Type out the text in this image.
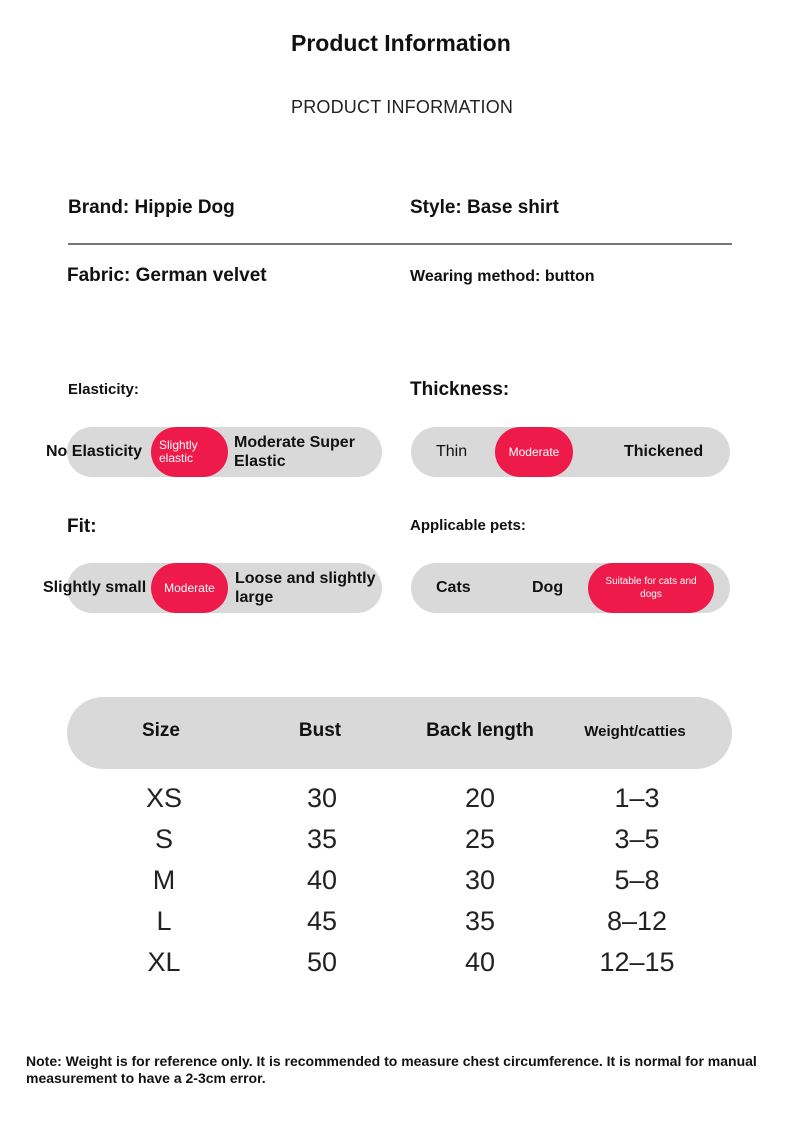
Product Information
PRODUCT INFORMATION
Brand: Hippie Dog	Style: Base shirt
Fabric: German velvet	Wearing method: button
Elasticity:
No Elasticity Slightly elastic
Moderate Super Elastic
Thickness:
Thin	Moderate	Thickened
Fit:
Slightly small Moderate
Loose and slightly large
Applicable pets:
Cats	Dog	Suitable for cats and dogs
Size	Bust	Back length	Weight/catties
XS	30	20	1–3
S	35	25	3–5
M	40	30	5–8
L	45	35	8–12
XL	50	40	12–15
Note: Weight is for reference only. It is recommended to measure chest circumference. It is normal for manual measurement to have a 2-3cm error.
